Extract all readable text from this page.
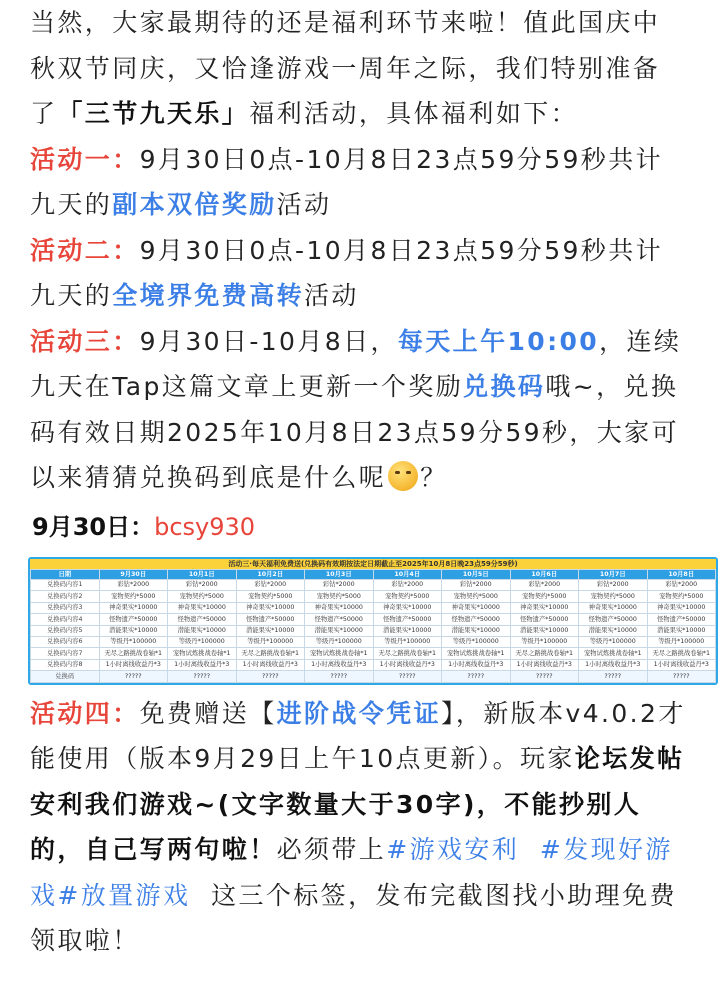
当然，大家最期待的还是福利环节来啦！值此国庆中秋双节同庆，又恰逢游戏一周年之际，我们特别准备了「三节九天乐」福利活动，具体福利如下：

活动一：9月30日0点-10月8日23点59分59秒共计九天的副本双倍奖励活动

活动二：9月30日0点-10月8日23点59分59秒共计九天的全境界免费高转活动

活动三：9月30日-10月8日，每天上午10:00，连续九天在Tap这篇文章上更新一个奖励兑换码哦~，兑换码有效日期2025年10月8日23点59分59秒，大家可以来猜猜兑换码到底是什么呢 ？

9月30日：bcsy930

活动三·每天福利免费送(兑换码有效期按法定日期截止至2025年10月8日晚23点59分59秒)
日期	9月30日	10月1日	10月2日	10月3日	10月4日	10月5日	10月6日	10月7日	10月8日
兑换码内容1	彩钻*2000	彩钻*2000	彩钻*2000	彩钻*2000	彩钻*2000	彩钻*2000	彩钻*2000	彩钻*2000	彩钻*2000
兑换码内容2	宠物契约*5000	宠物契约*5000	宠物契约*5000	宠物契约*5000	宠物契约*5000	宠物契约*5000	宠物契约*5000	宠物契约*5000	宠物契约*5000
兑换码内容3	神奇果实*10000	神奇果实*10000	神奇果实*10000	神奇果实*10000	神奇果实*10000	神奇果实*10000	神奇果实*10000	神奇果实*10000	神奇果实*10000
兑换码内容4	怪物遗产*50000	怪物遗产*50000	怪物遗产*50000	怪物遗产*50000	怪物遗产*50000	怪物遗产*50000	怪物遗产*50000	怪物遗产*50000	怪物遗产*50000
兑换码内容5	潜能果实*10000	潜能果实*10000	潜能果实*10000	潜能果实*10000	潜能果实*10000	潜能果实*10000	潜能果实*10000	潜能果实*10000	潜能果实*10000
兑换码内容6	等级丹*100000	等级丹*100000	等级丹*100000	等级丹*100000	等级丹*100000	等级丹*100000	等级丹*100000	等级丹*100000	等级丹*100000
兑换码内容7	无尽之路挑战卷轴*1	宠物试炼挑战卷轴*1	无尽之路挑战卷轴*1	宠物试炼挑战卷轴*1	无尽之路挑战卷轴*1	宠物试炼挑战卷轴*1	无尽之路挑战卷轴*1	宠物试炼挑战卷轴*1	无尽之路挑战卷轴*1
兑换码内容8	1小时离线收益丹*3	1小时离线收益丹*3	1小时离线收益丹*3	1小时离线收益丹*3	1小时离线收益丹*3	1小时离线收益丹*3	1小时离线收益丹*3	1小时离线收益丹*3	1小时离线收益丹*3
兑换码	?????	?????	?????	?????	?????	?????	?????	?????	?????

活动四：免费赠送【进阶战令凭证】，新版本v4.0.2才能使用（版本9月29日上午10点更新）。玩家论坛发帖安利我们游戏~(文字数量大于30字)，不能抄别人的，自己写两句啦！必须带上#游戏安利 #发现好游戏#放置游戏 这三个标签，发布完截图找小助理免费领取啦！
